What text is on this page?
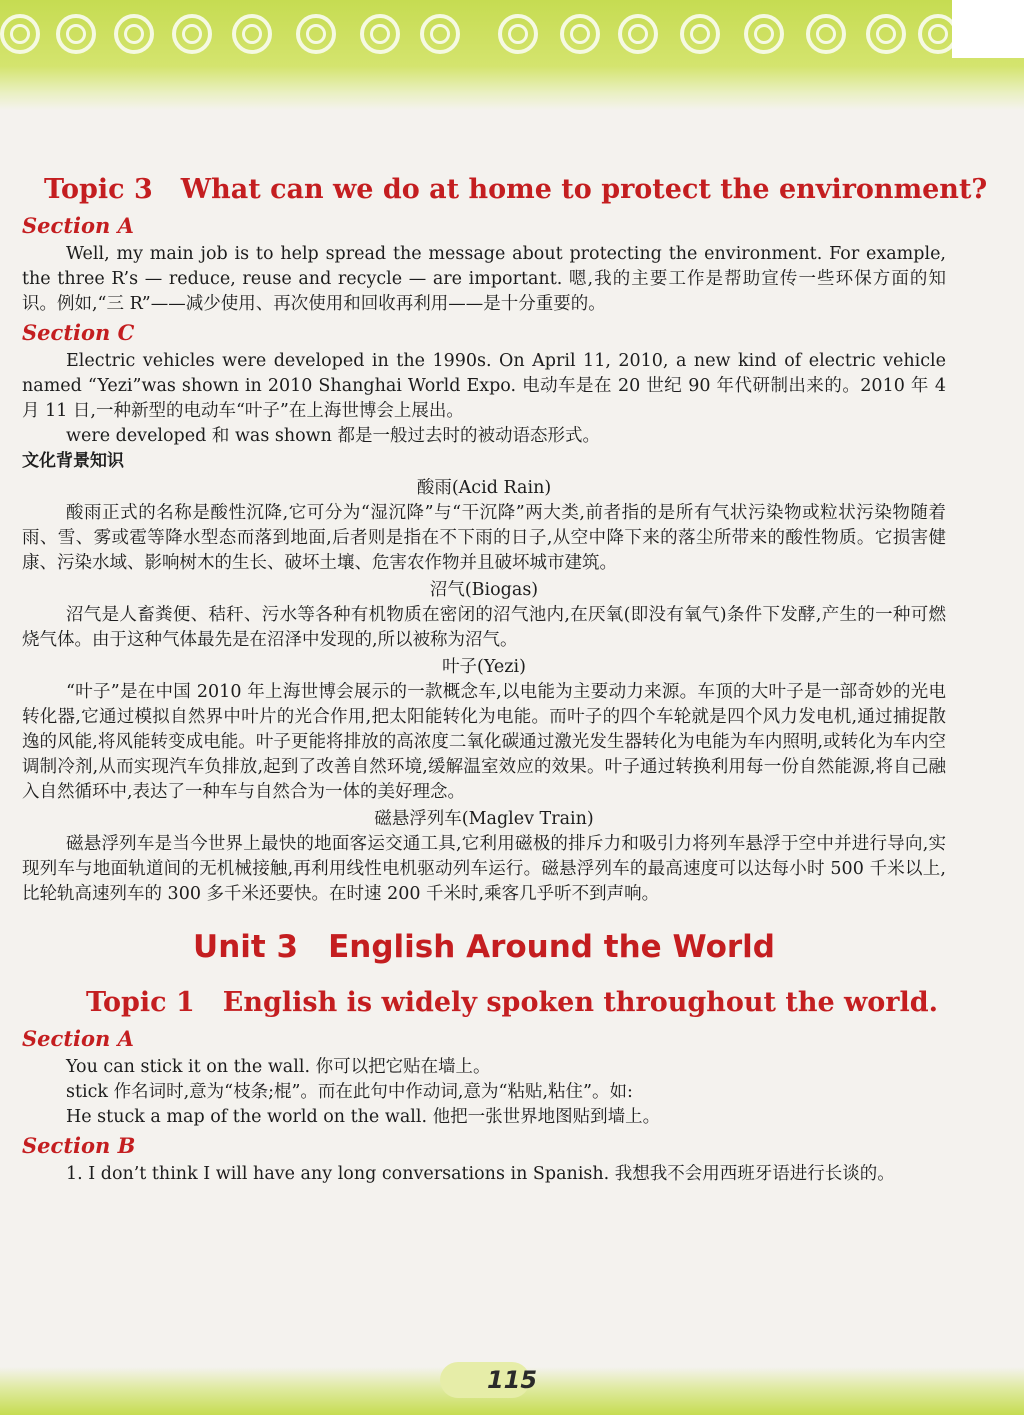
Topic 3 What can we do at home to protect the environment?
Section A

Well, my main job is to help spread the message about protecting the environment. For example, the three R’s — reduce, reuse and recycle — are important. 嗯,我的主要工作是帮助宣传一些环保方面的知识。例如,“三 R”——减少使用、再次使用和回收再利用——是十分重要的。

Section C

Electric vehicles were developed in the 1990s. On April 11, 2010, a new kind of electric vehicle named “Yezi”was shown in 2010 Shanghai World Expo. 电动车是在 20 世纪 90 年代研制出来的。2010 年 4 月 11 日,一种新型的电动车“叶子”在上海世博会上展出。

were developed 和 was shown 都是一般过去时的被动语态形式。

文化背景知识

酸雨(Acid Rain)

酸雨正式的名称是酸性沉降,它可分为“湿沉降”与“干沉降”两大类,前者指的是所有气状污染物或粒状污染物随着雨、雪、雾或雹等降水型态而落到地面,后者则是指在不下雨的日子,从空中降下来的落尘所带来的酸性物质。它损害健康、污染水域、影响树木的生长、破坏土壤、危害农作物并且破坏城市建筑。

沼气(Biogas)

沼气是人畜粪便、秸秆、污水等各种有机物质在密闭的沼气池内,在厌氧(即没有氧气)条件下发酵,产生的一种可燃烧气体。由于这种气体最先是在沼泽中发现的,所以被称为沼气。

叶子(Yezi)

“叶子”是在中国 2010 年上海世博会展示的一款概念车,以电能为主要动力来源。车顶的大叶子是一部奇妙的光电转化器,它通过模拟自然界中叶片的光合作用,把太阳能转化为电能。而叶子的四个车轮就是四个风力发电机,通过捕捉散逸的风能,将风能转变成电能。叶子更能将排放的高浓度二氧化碳通过激光发生器转化为电能为车内照明,或转化为车内空调制冷剂,从而实现汽车负排放,起到了改善自然环境,缓解温室效应的效果。叶子通过转换利用每一份自然能源,将自己融入自然循环中,表达了一种车与自然合为一体的美好理念。

磁悬浮列车(Maglev Train)

磁悬浮列车是当今世界上最快的地面客运交通工具,它利用磁极的排斥力和吸引力将列车悬浮于空中并进行导向,实现列车与地面轨道间的无机械接触,再利用线性电机驱动列车运行。磁悬浮列车的最高速度可以达每小时 500 千米以上,比轮轨高速列车的 300 多千米还要快。在时速 200 千米时,乘客几乎听不到声响。

Unit 3 English Around the World
Topic 1 English is widely spoken throughout the world.
Section A

You can stick it on the wall. 你可以把它贴在墙上。

stick 作名词时,意为“枝条;棍”。而在此句中作动词,意为“粘贴,粘住”。如:

He stuck a map of the world on the wall. 他把一张世界地图贴到墙上。

Section B

1. I don’t think I will have any long conversations in Spanish. 我想我不会用西班牙语进行长谈的。

115
